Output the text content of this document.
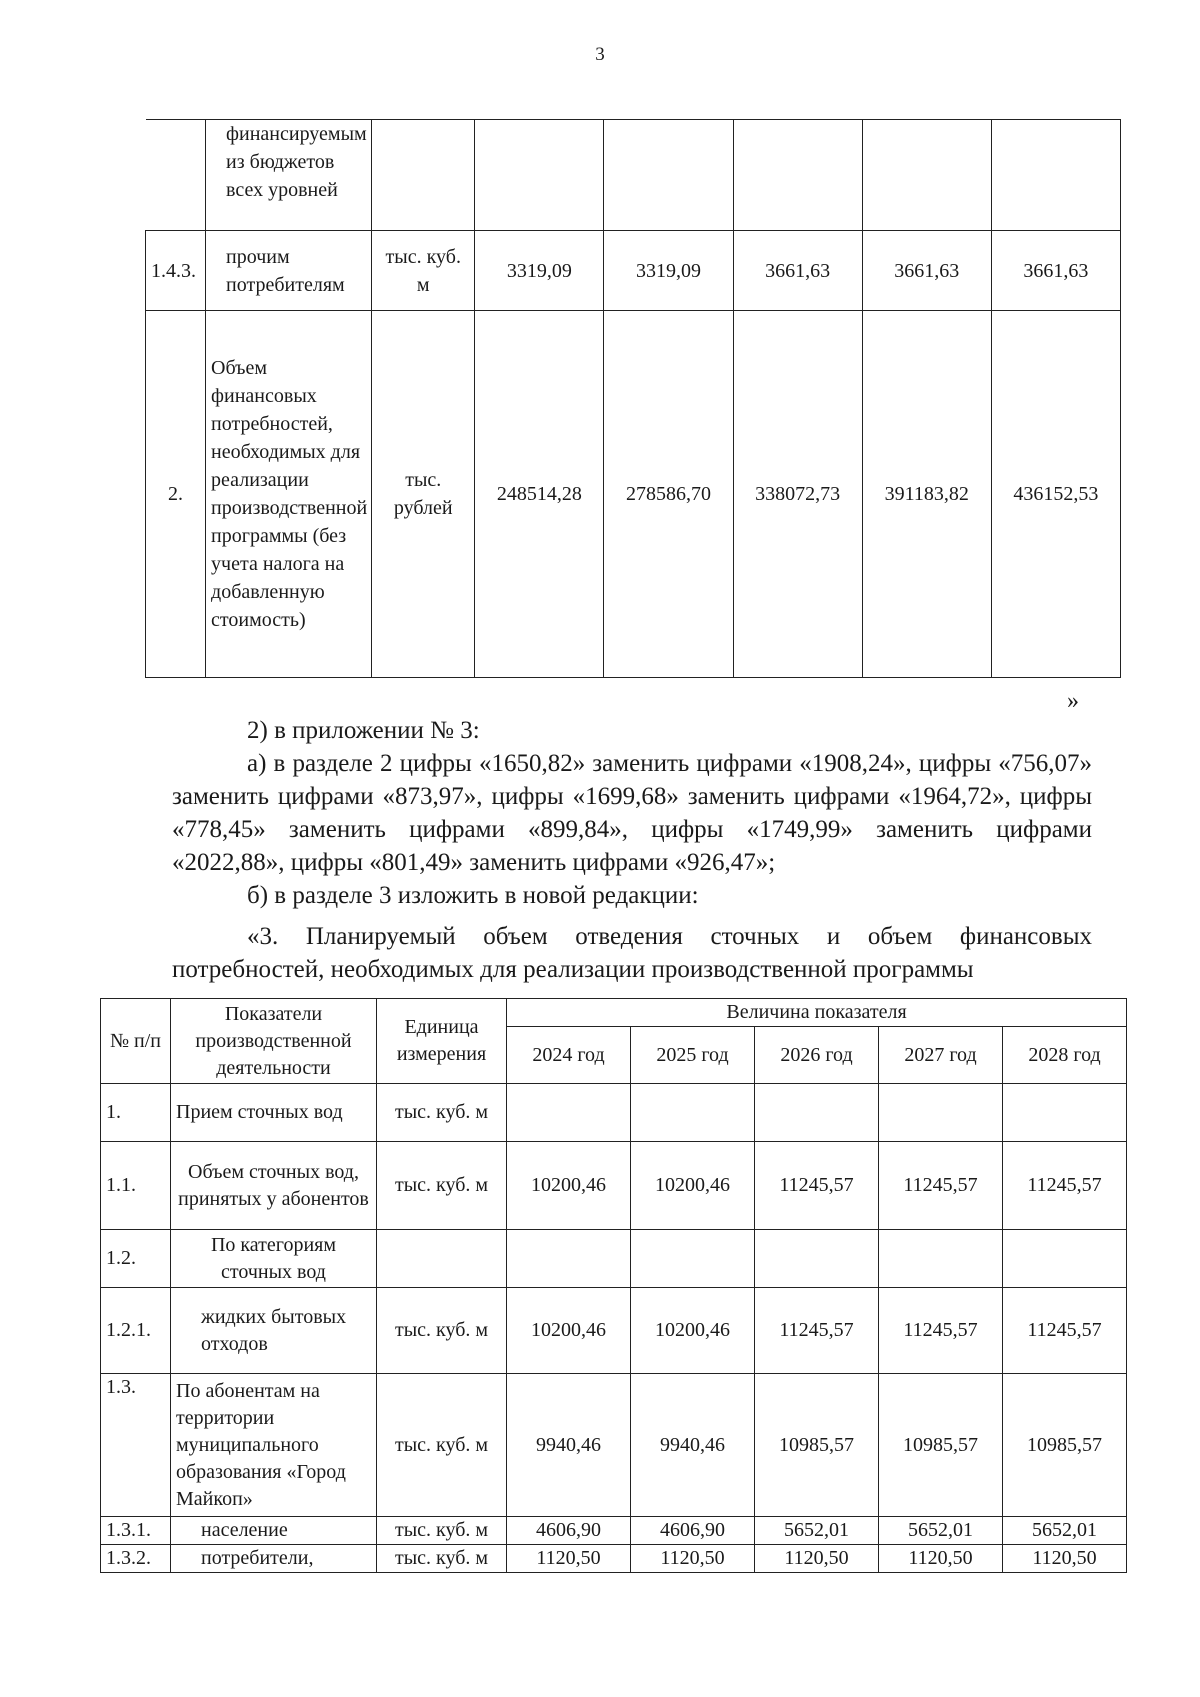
3
	финансируемым из бюджетов всех уровней						
1.4.3.	прочим потребителям	тыс. куб. м	3319,09	3319,09	3661,63	3661,63	3661,63
2.	Объем финансовых потребностей, необходимых для реализации производственной программы (без учета налога на добавленную стоимость)	тыс. рублей	248514,28	278586,70	338072,73	391183,82	436152,53
»
2) в приложении № 3:
а) в разделе 2 цифры «1650,82» заменить цифрами «1908,24», цифры «756,07» заменить цифрами «873,97», цифры «1699,68» заменить цифрами «1964,72», цифры «778,45» заменить цифрами «899,84», цифры «1749,99» заменить цифрами «2022,88», цифры «801,49» заменить цифрами «926,47»;
б) в разделе 3 изложить в новой редакции:
«3. Планируемый объем отведения сточных и объем финансовых потребностей, необходимых для реализации производственной программы
№ п/п	Показатели производственной деятельности	Единица измерения	Величина показателя				
			2024 год	2025 год	2026 год	2027 год	2028 год
1.	Прием сточных вод	тыс. куб. м					
1.1.	Объем сточных вод, принятых у абонентов	тыс. куб. м	10200,46	10200,46	11245,57	11245,57	11245,57
1.2.	По категориям сточных вод						
1.2.1.	жидких бытовых отходов	тыс. куб. м	10200,46	10200,46	11245,57	11245,57	11245,57
1.3.	По абонентам на территории муниципального образования «Город Майкоп»	тыс. куб. м	9940,46	9940,46	10985,57	10985,57	10985,57
1.3.1.	население	тыс. куб. м	4606,90	4606,90	5652,01	5652,01	5652,01
1.3.2.	потребители,	тыс. куб. м	1120,50	1120,50	1120,50	1120,50	1120,50
